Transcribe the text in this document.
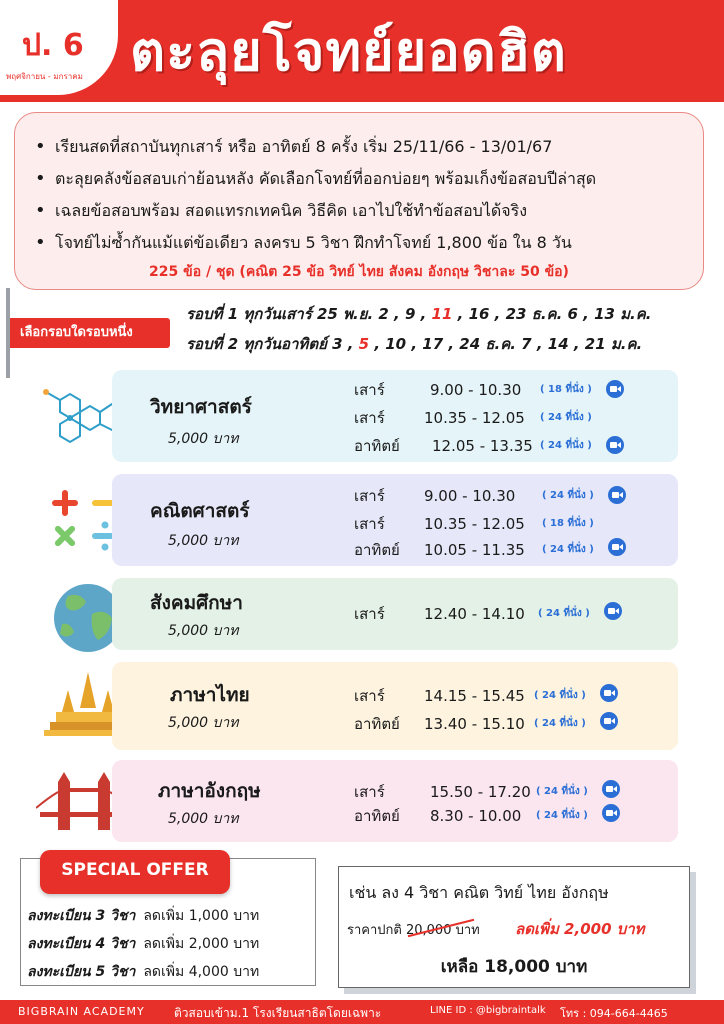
ป. 6
พฤศจิกายน - มกราคม ตะลุยโจทย์ยอดฮิต
• เรียนสดที่สถาบันทุกเสาร์ หรือ อาทิตย์ 8 ครั้ง เริ่ม 25/11/66 - 13/01/67
• ตะลุยคลังข้อสอบเก่าย้อนหลัง คัดเลือกโจทย์ที่ออกบ่อยๆ พร้อมเก็งข้อสอบปีล่าสุด
• เฉลยข้อสอบพร้อม สอดแทรกเทคนิค วิธีคิด เอาไปใช้ทำข้อสอบได้จริง
• โจทย์ไม่ซ้ำกันแม้แต่ข้อเดียว ลงครบ 5 วิชา ฝึกทำโจทย์ 1,800 ข้อ ใน 8 วัน
225 ข้อ / ชุด (คณิต 25 ข้อ วิทย์ ไทย สังคม อังกฤษ วิชาละ 50 ข้อ)
เลือกรอบใดรอบหนึ่ง
รอบที่ 1 ทุกวันเสาร์ 25 พ.ย. 2 , 9 , 11 , 16 , 23 ธ.ค. 6 , 13 ม.ค.
รอบที่ 2 ทุกวันอาทิตย์ 3 , 5 , 10 , 17 , 24 ธ.ค. 7 , 14 , 21 ม.ค.
วิทยาศาสตร์
5,000 บาท
เสาร์	9.00 - 10.30 ( 18 ที่นั่ง )
เสาร์	10.35 - 12.05 ( 24 ที่นั่ง )
อาทิตย์ 12.05 - 13.35 ( 24 ที่นั่ง )
คณิตศาสตร์
5,000 บาท
เสาร์	9.00 - 10.30	( 24 ที่นั่ง )
เสาร์	10.35 - 12.05 ( 18 ที่นั่ง )
อาทิตย์ 10.05 - 11.35 ( 24 ที่นั่ง )
สังคมศึกษา
5,000 บาท
เสาร์	12.40 - 14.10 ( 24 ที่นั่ง )
ภาษาไทย
5,000 บาท
เสาร์	14.15 - 15.45 ( 24 ที่นั่ง )
อาทิตย์ 13.40 - 15.10 ( 24 ที่นั่ง )
ภาษาอังกฤษ
5,000 บาท
เสาร์	15.50 - 17.20 ( 24 ที่นั่ง )
อาทิตย์ 8.30 - 10.00 ( 24 ที่นั่ง )
ลงทะเบียน 3 วิชา ลดเพิ่ม 1,000 บาท
ลงทะเบียน 4 วิชา ลดเพิ่ม 2,000 บาท
ลงทะเบียน 5 วิชา ลดเพิ่ม 4,000 บาท
SPECIAL OFFER
เช่น ลง 4 วิชา คณิต วิทย์ ไทย อังกฤษ
ราคาปกติ 20,000 บาท ลดเพิ่ม 2,000 บาท
เหลือ 18,000 บาท
BIGBRAIN ACADEMY ติวสอบเข้าม.1 โรงเรียนสาธิตโดยเฉพาะ	LINE ID : @bigbraintalk โทร : 094-664-4465
